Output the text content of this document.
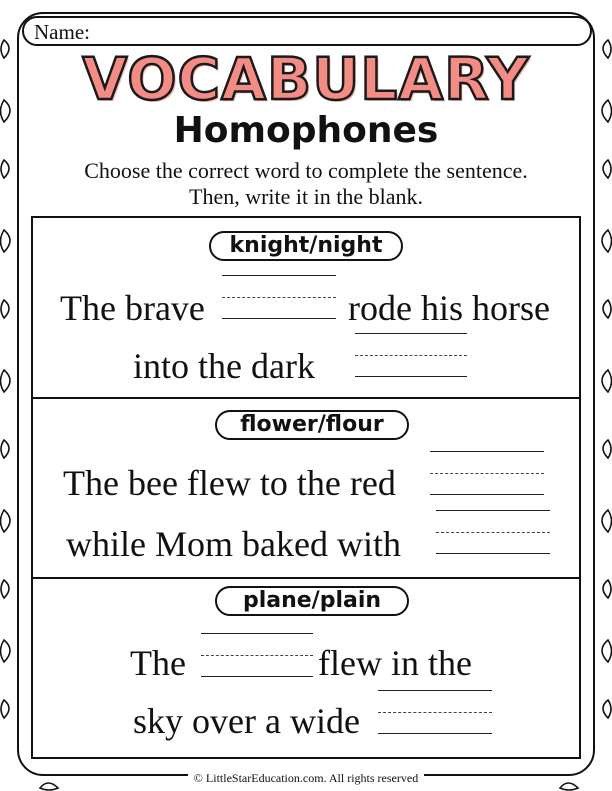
Name:
VOCABULARY
Homophones
Choose the correct word to complete the sentence.
Then, write it in the blank.
knight/night
The brave	rode his horse
into the dark
flower/flour
The bee flew to the red
while Mom baked with
plane/plain
The	flew in the
sky over a wide
© LittleStarEducation.com. All rights reserved
